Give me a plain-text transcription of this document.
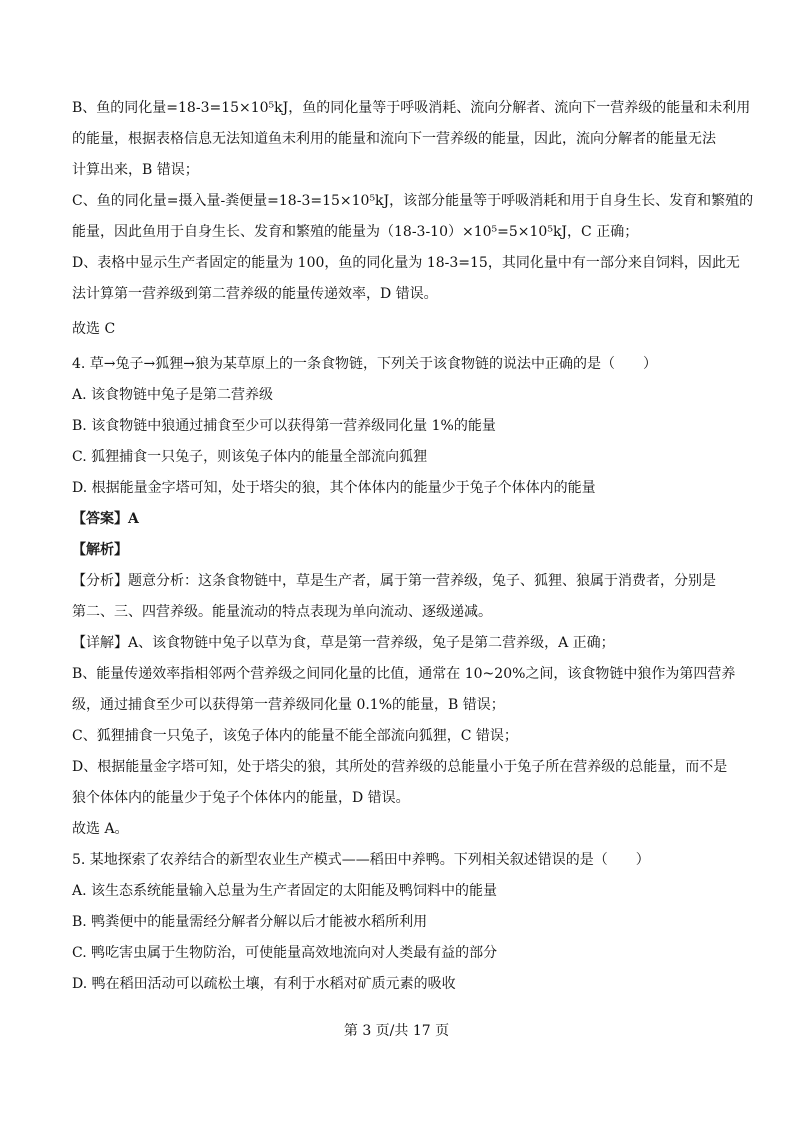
B、鱼的同化量=18-3=15×10⁵kJ，鱼的同化量等于呼吸消耗、流向分解者、流向下一营养级的能量和未利用
的能量，根据表格信息无法知道鱼未利用的能量和流向下一营养级的能量，因此，流向分解者的能量无法
计算出来，B 错误；
C、鱼的同化量=摄入量-粪便量=18-3=15×10⁵kJ，该部分能量等于呼吸消耗和用于自身生长、发育和繁殖的
能量，因此鱼用于自身生长、发育和繁殖的能量为（18-3-10）×10⁵=5×10⁵kJ，C 正确；
D、表格中显示生产者固定的能量为 100，鱼的同化量为 18-3=15，其同化量中有一部分来自饲料，因此无
法计算第一营养级到第二营养级的能量传递效率，D 错误。
故选 C
4. 草→兔子→狐狸→狼为某草原上的一条食物链，下列关于该食物链的说法中正确的是（　　）
A. 该食物链中兔子是第二营养级
B. 该食物链中狼通过捕食至少可以获得第一营养级同化量 1%的能量
C. 狐狸捕食一只兔子，则该兔子体内的能量全部流向狐狸
D. 根据能量金字塔可知，处于塔尖的狼，其个体体内的能量少于兔子个体体内的能量
【答案】A
【解析】
【分析】题意分析：这条食物链中，草是生产者，属于第一营养级，兔子、狐狸、狼属于消费者，分别是
第二、三、四营养级。能量流动的特点表现为单向流动、逐级递减。
【详解】A、该食物链中兔子以草为食，草是第一营养级，兔子是第二营养级，A 正确；
B、能量传递效率指相邻两个营养级之间同化量的比值，通常在 10~20%之间，该食物链中狼作为第四营养
级，通过捕食至少可以获得第一营养级同化量 0.1%的能量，B 错误；
C、狐狸捕食一只兔子，该兔子体内的能量不能全部流向狐狸，C 错误；
D、根据能量金字塔可知，处于塔尖的狼，其所处的营养级的总能量小于兔子所在营养级的总能量，而不是
狼个体体内的能量少于兔子个体体内的能量，D 错误。
故选 A。
5. 某地探索了农养结合的新型农业生产模式——稻田中养鸭。下列相关叙述错误的是（　　）
A. 该生态系统能量输入总量为生产者固定的太阳能及鸭饲料中的能量
B. 鸭粪便中的能量需经分解者分解以后才能被水稻所利用
C. 鸭吃害虫属于生物防治，可使能量高效地流向对人类最有益的部分
D. 鸭在稻田活动可以疏松土壤，有利于水稻对矿质元素的吸收
第 3 页/共 17 页
